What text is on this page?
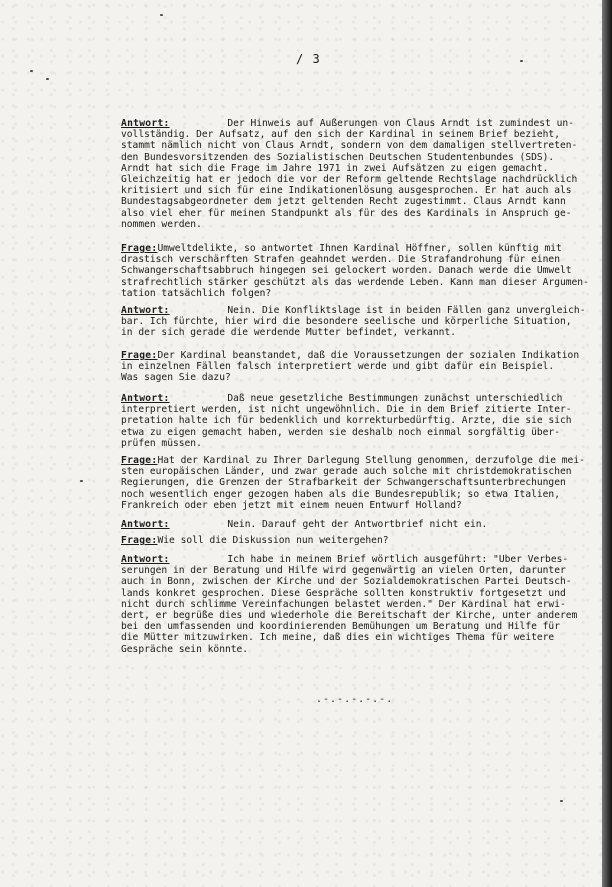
/ 3
Antwort:          Der Hinweis auf Äußerungen von Claus Arndt ist zumindest un-
vollständig. Der Aufsatz, auf den sich der Kardinal in seinem Brief bezieht,
stammt nämlich nicht von Claus Arndt, sondern von dem damaligen stellvertreten-
den Bundesvorsitzenden des Sozialistischen Deutschen Studentenbundes (SDS).
Arndt hat sich die Frage im Jahre 1971 in zwei Aufsätzen zu eigen gemacht.
Gleichzeitig hat er jedoch die vor der Reform geltende Rechtslage nachdrücklich
kritisiert und sich für eine Indikationenlösung ausgesprochen. Er hat auch als
Bundestagsabgeordneter dem jetzt geltenden Recht zugestimmt. Claus Arndt kann
also viel eher für meinen Standpunkt als für des des Kardinals in Anspruch ge-
nommen werden.
Frage:Umweltdelikte, so antwortet Ihnen Kardinal Höffner, sollen künftig mit
drastisch verschärften Strafen geahndet werden. Die Strafandrohung für einen
Schwangerschaftsabbruch hingegen sei gelockert worden. Danach werde die Umwelt
strafrechtlich stärker geschützt als das werdende Leben. Kann man dieser Argumen-
tation tatsächlich folgen?
Antwort:          Nein. Die Konfliktslage ist in beiden Fällen ganz unvergleich-
bar. Ich fürchte, hier wird die besondere seelische und körperliche Situation,
in der sich gerade die werdende Mutter befindet, verkannt.
Frage:Der Kardinal beanstandet, daß die Voraussetzungen der sozialen Indikation
in einzelnen Fällen falsch interpretiert werde und gibt dafür ein Beispiel.
Was sagen Sie dazu?
Antwort:          Daß neue gesetzliche Bestimmungen zunächst unterschiedlich
interpretiert werden, ist nicht ungewöhnlich. Die in dem Brief zitierte Inter-
pretation halte ich für bedenklich und korrekturbedürftig. Ärzte, die sie sich
etwa zu eigen gemacht haben, werden sie deshalb noch einmal sorgfältig über-
prüfen müssen.
Frage:Hat der Kardinal zu Ihrer Darlegung Stellung genommen, derzufolge die mei-
sten europäischen Länder, und zwar gerade auch solche mit christdemokratischen
Regierungen, die Grenzen der Strafbarkeit der Schwangerschaftsunterbrechungen
noch wesentlich enger gezogen haben als die Bundesrepublik; so etwa Italien,
Frankreich oder eben jetzt mit einem neuen Entwurf Holland?
Antwort:          Nein. Darauf geht der Antwortbrief nicht ein.
Frage:Wie soll die Diskussion nun weitergehen?
Antwort:          Ich habe in meinem Brief wörtlich ausgeführt: "Über Verbes-
serungen in der Beratung und Hilfe wird gegenwärtig an vielen Orten, darunter
auch in Bonn, zwischen der Kirche und der Sozialdemokratischen Partei Deutsch-
lands konkret gesprochen. Diese Gespräche sollten konstruktiv fortgesetzt und
nicht durch schlimme Vereinfachungen belastet werden." Der Kardinal hat erwi-
dert, er begrüße dies und wiederhole die Bereitschaft der Kirche, unter anderem
bei den umfassenden und koordinierenden Bemühungen um Beratung und Hilfe für
die Mütter mitzuwirken. Ich meine, daß dies ein wichtiges Thema für weitere
Gespräche sein könnte.
.-.-.-.-.-.
